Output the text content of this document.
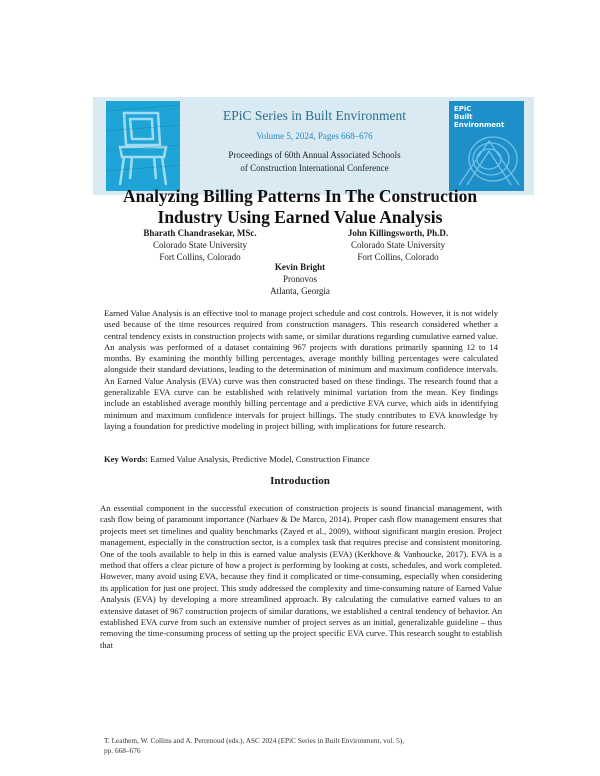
EPiC
Built
Environment
EPiC Series in Built Environment
Volume 5, 2024, Pages 668–676
Proceedings of 60th Annual Associated Schools
of Construction International Conference
Analyzing Billing Patterns In The Construction
Industry Using Earned Value Analysis
Bharath Chandrasekar, MSc.
Colorado State University
Fort Collins, Colorado
John Killingsworth, Ph.D.
Colorado State University
Fort Collins, Colorado
Kevin Bright
Pronovos
Atlanta, Georgia
Earned Value Analysis is an effective tool to manage project schedule and cost controls. However, it is not widely used because of the time resources required from construction managers. This research considered whether a central tendency exists in construction projects with same, or similar durations regarding cumulative earned value. An analysis was performed of a dataset containing 967 projects with durations primarily spanning 12 to 14 months. By examining the monthly billing percentages, average monthly billing percentages were calculated alongside their standard deviations, leading to the determination of minimum and maximum confidence intervals. An Earned Value Analysis (EVA) curve was then constructed based on these findings. The research found that a generalizable EVA curve can be established with relatively minimal variation from the mean. Key findings include an established average monthly billing percentage and a predictive EVA curve, which aids in identifying minimum and maximum confidence intervals for project billings. The study contributes to EVA knowledge by laying a foundation for predictive modeling in project billing, with implications for future research.
Key Words: Earned Value Analysis, Predictive Model, Construction Finance
Introduction
An essential component in the successful execution of construction projects is sound financial management, with cash flow being of paramount importance (Narbaev & De Marco, 2014). Proper cash flow management ensures that projects meet set timelines and quality benchmarks (Zayed et al., 2009), without significant margin erosion. Project management, especially in the construction sector, is a complex task that requires precise and consistent monitoring. One of the tools available to help in this is earned value analysis (EVA) (Kerkhove & Vanhoucke, 2017). EVA is a method that offers a clear picture of how a project is performing by looking at costs, schedules, and work completed. However, many avoid using EVA, because they find it complicated or time-consuming, especially when considering its application for just one project. This study addressed the complexity and time-consuming nature of Earned Value Analysis (EVA) by developing a more streamlined approach. By calculating the cumulative earned values to an extensive dataset of 967 construction projects of similar durations, we established a central tendency of behavior. An established EVA curve from such an extensive number of project serves as an initial, generalizable guideline – thus removing the time-consuming process of setting up the project specific EVA curve. This research sought to establish that
T. Leathem, W. Collins and A. Perrenoud (eds.), ASC 2024 (EPiC Series in Built Environment, vol. 5),
pp. 668–676
